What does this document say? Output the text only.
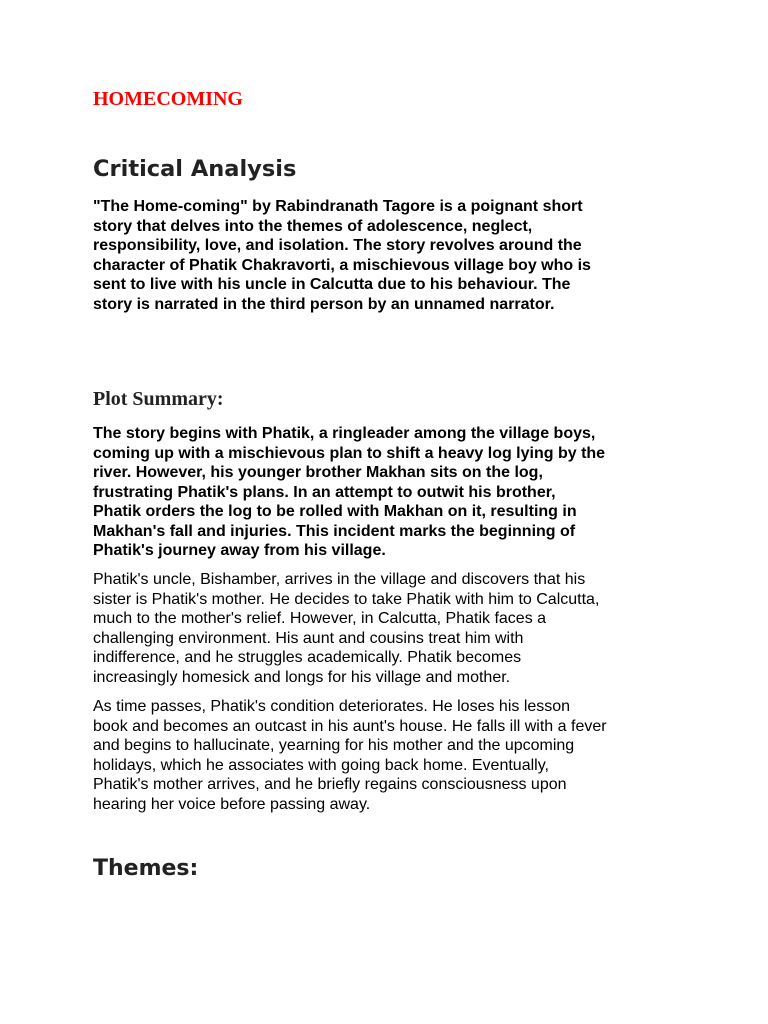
HOMECOMING
Critical Analysis

"The Home-coming" by Rabindranath Tagore is a poignant short
story that delves into the themes of adolescence, neglect,
responsibility, love, and isolation. The story revolves around the
character of Phatik Chakravorti, a mischievous village boy who is
sent to live with his uncle in Calcutta due to his behaviour. The
story is narrated in the third person by an unnamed narrator.

Plot Summary:

The story begins with Phatik, a ringleader among the village boys,
coming up with a mischievous plan to shift a heavy log lying by the
river. However, his younger brother Makhan sits on the log,
frustrating Phatik's plans. In an attempt to outwit his brother,
Phatik orders the log to be rolled with Makhan on it, resulting in
Makhan's fall and injuries. This incident marks the beginning of
Phatik's journey away from his village.

Phatik's uncle, Bishamber, arrives in the village and discovers that his
sister is Phatik's mother. He decides to take Phatik with him to Calcutta,
much to the mother's relief. However, in Calcutta, Phatik faces a
challenging environment. His aunt and cousins treat him with
indifference, and he struggles academically. Phatik becomes
increasingly homesick and longs for his village and mother.

As time passes, Phatik's condition deteriorates. He loses his lesson
book and becomes an outcast in his aunt's house. He falls ill with a fever
and begins to hallucinate, yearning for his mother and the upcoming
holidays, which he associates with going back home. Eventually,
Phatik's mother arrives, and he briefly regains consciousness upon
hearing her voice before passing away.

Themes:
